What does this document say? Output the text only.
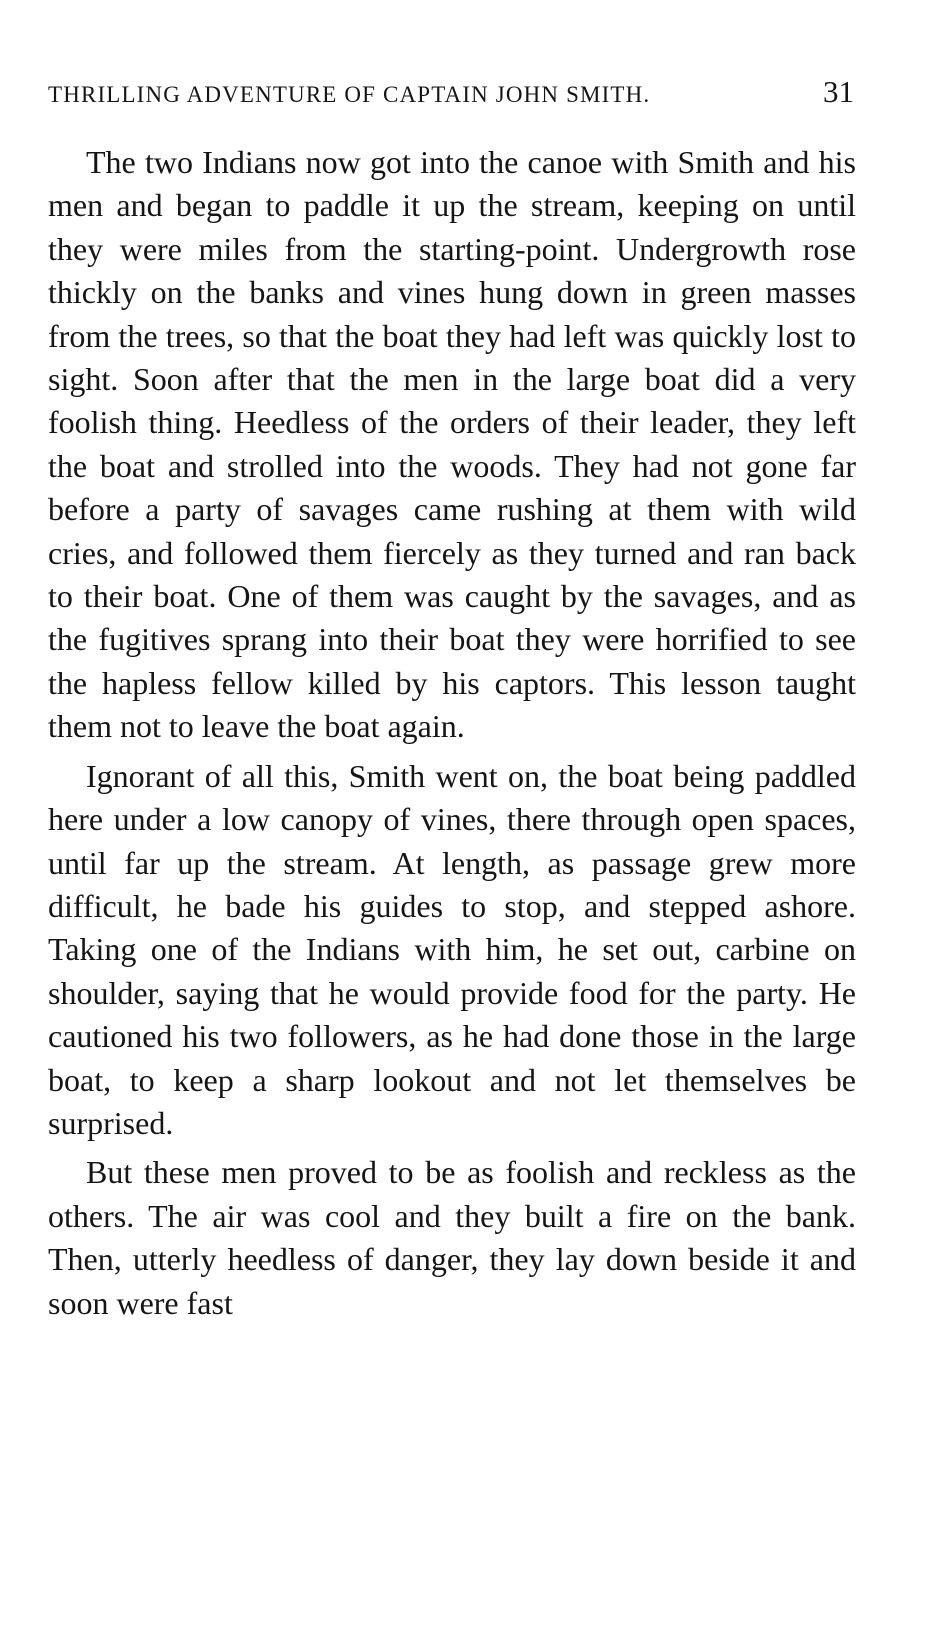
THRILLING ADVENTURE OF CAPTAIN JOHN SMITH.	31

The two Indians now got into the canoe with Smith and his men and began to paddle it up the stream, keeping on until they were miles from the starting-point. Undergrowth rose thickly on the banks and vines hung down in green masses from the trees, so that the boat they had left was quickly lost to sight. Soon after that the men in the large boat did a very foolish thing. Heedless of the orders of their leader, they left the boat and strolled into the woods. They had not gone far before a party of savages came rushing at them with wild cries, and followed them fiercely as they turned and ran back to their boat. One of them was caught by the savages, and as the fugitives sprang into their boat they were horrified to see the hapless fellow killed by his captors. This lesson taught them not to leave the boat again.

Ignorant of all this, Smith went on, the boat being paddled here under a low canopy of vines, there through open spaces, until far up the stream. At length, as passage grew more difficult, he bade his guides to stop, and stepped ashore. Taking one of the Indians with him, he set out, carbine on shoulder, saying that he would provide food for the party. He cautioned his two followers, as he had done those in the large boat, to keep a sharp lookout and not let themselves be surprised.

But these men proved to be as foolish and reckless as the others. The air was cool and they built a fire on the bank. Then, utterly heedless of danger, they lay down beside it and soon were fast
